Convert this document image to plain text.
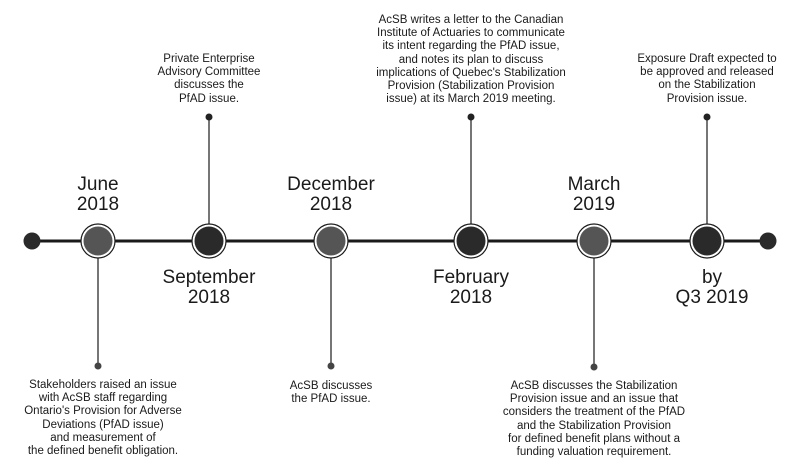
June
2018
September
2018
December
2018
February
2018
March
2019
by
Q3 2019
Stakeholders raised an issue
with AcSB staff regarding
Ontario's Provision for Adverse
Deviations (PfAD issue)
and measurement of
the defined benefit obligation.
Private Enterprise
Advisory Committee
discusses the
PfAD issue.
AcSB discusses
the PfAD issue.
AcSB writes a letter to the Canadian
Institute of Actuaries to communicate
its intent regarding the PfAD issue,
and notes its plan to discuss
implications of Quebec's Stabilization
Provision (Stabilization Provision
issue) at its March 2019 meeting.
AcSB discusses the Stabilization
Provision issue and an issue that
considers the treatment of the PfAD
and the Stabilization Provision
for defined benefit plans without a
funding valuation requirement.
Exposure Draft expected to
be approved and released
on the Stabilization
Provision issue.
